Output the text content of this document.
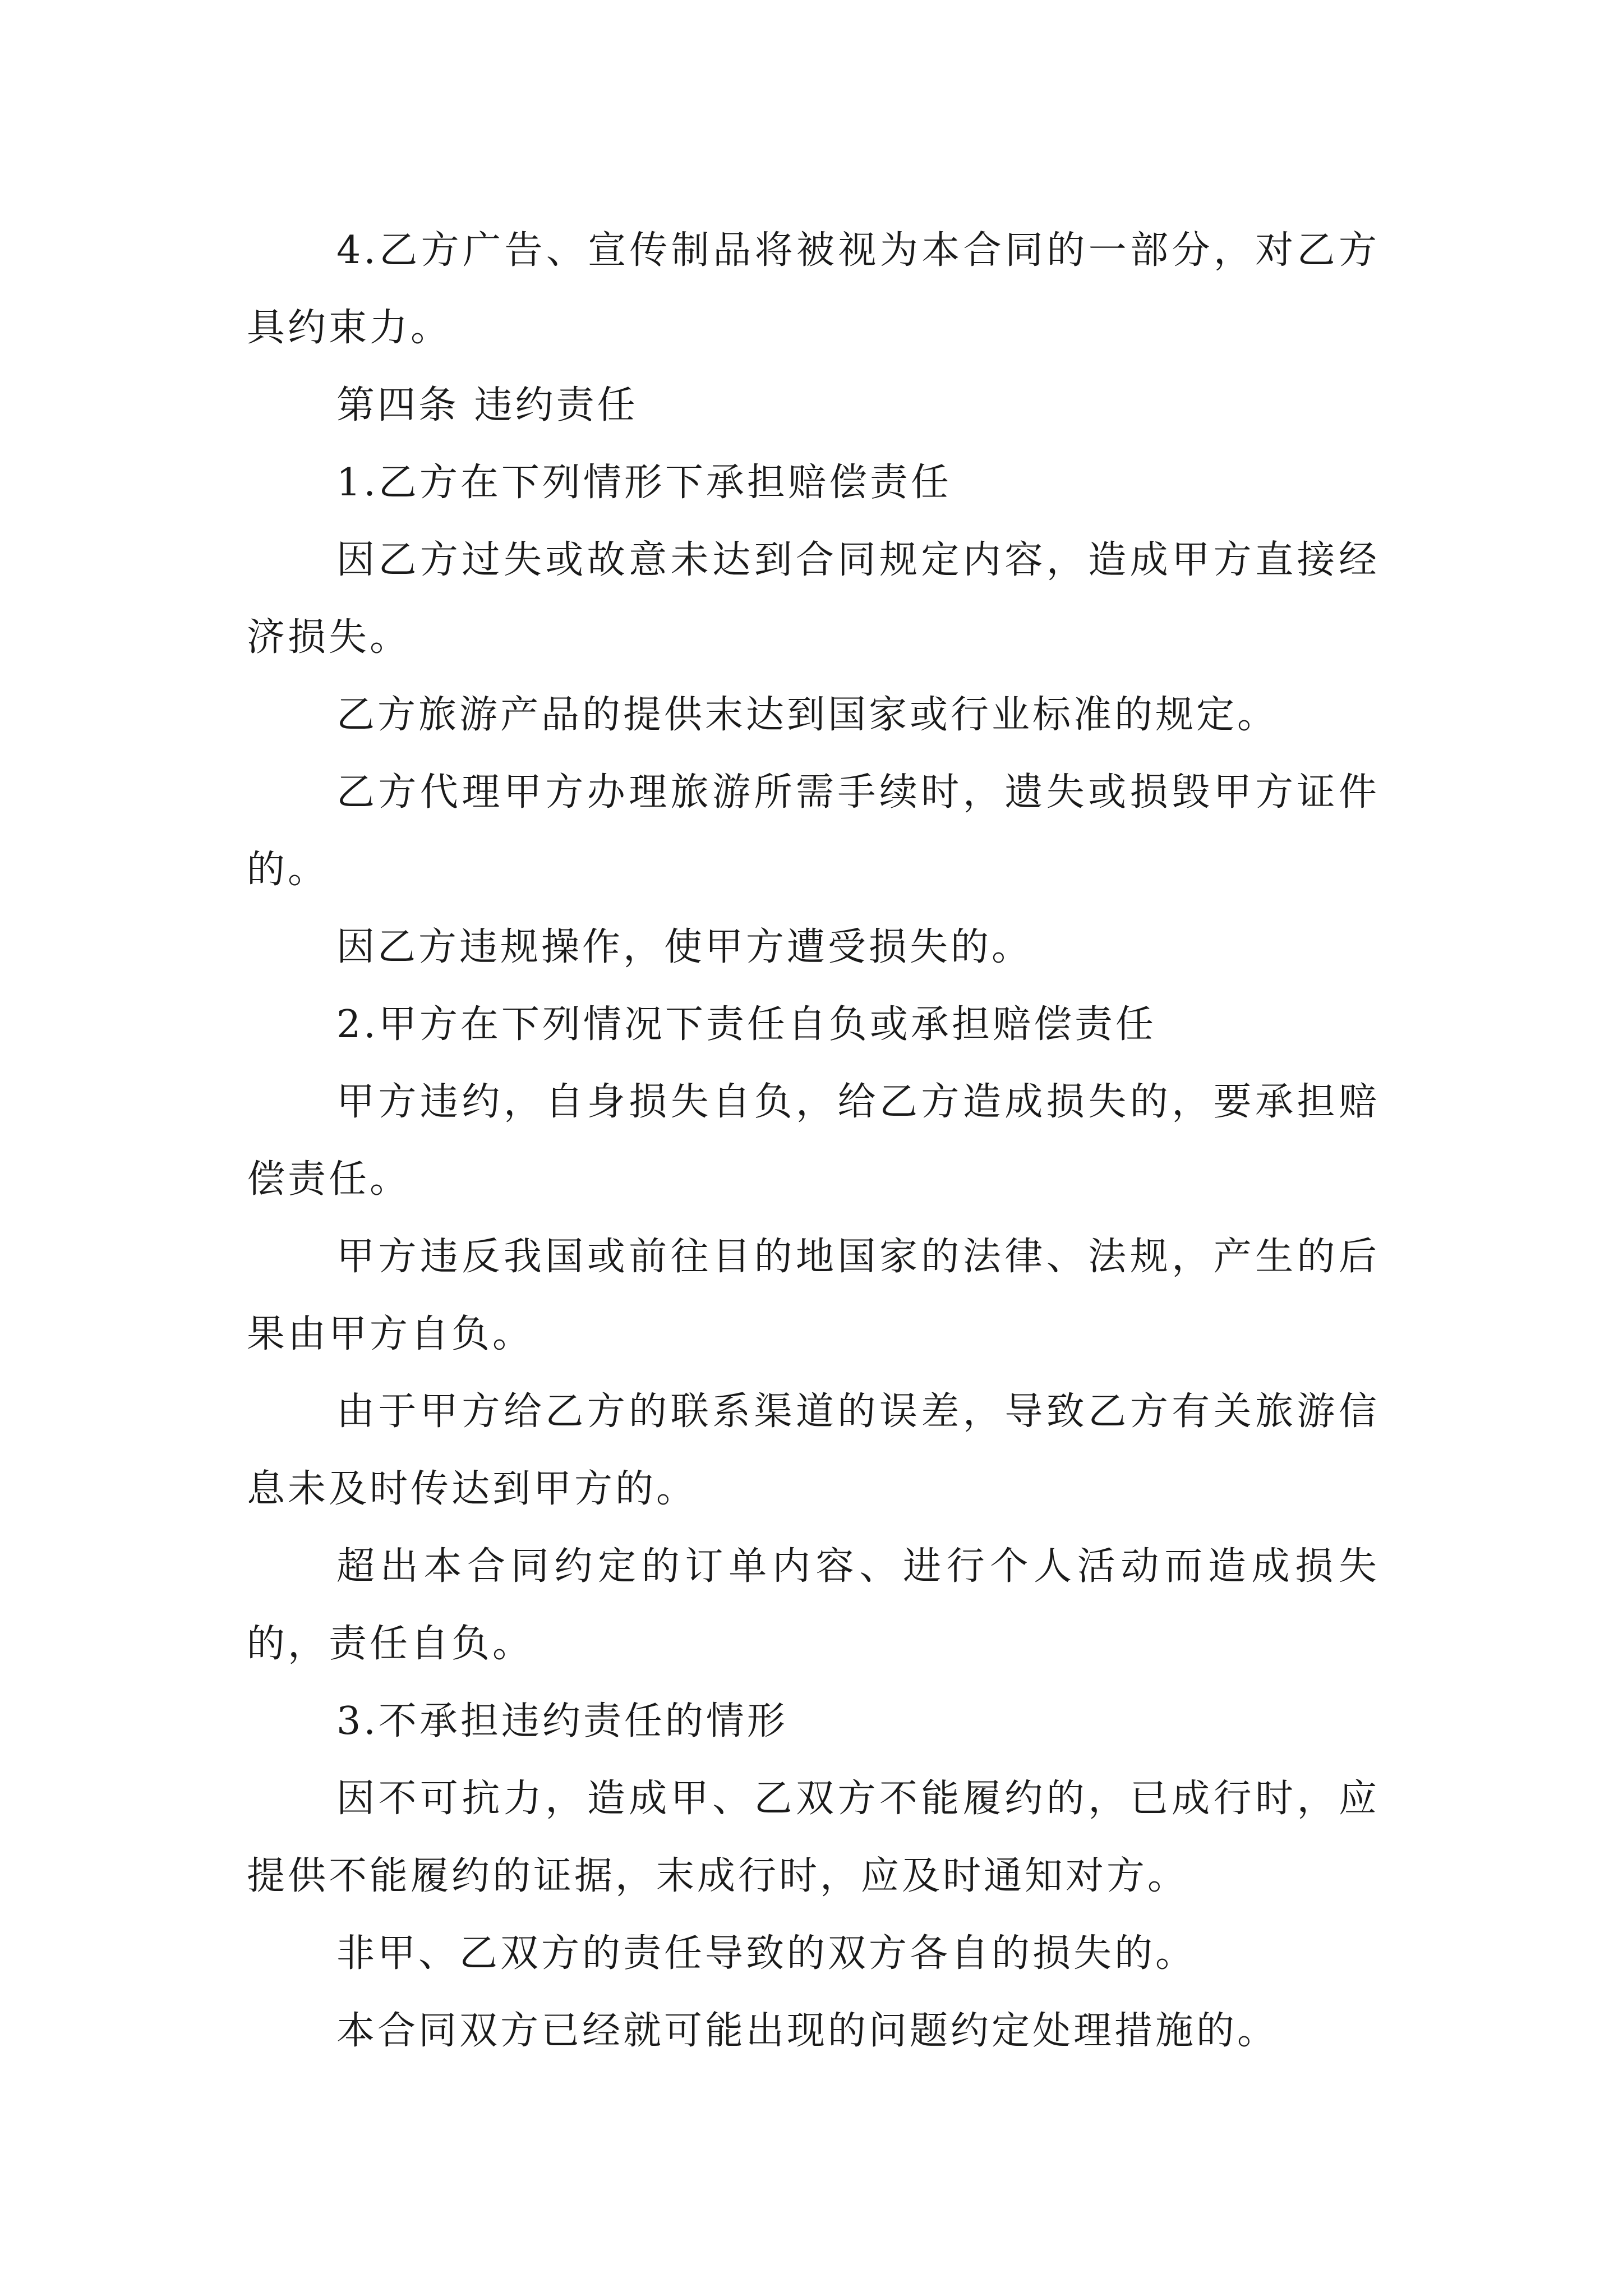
4.乙方广告、宣传制品将被视为本合同的一部分，对乙方具约束力。

第四条 违约责任

1.乙方在下列情形下承担赔偿责任

因乙方过失或故意未达到合同规定内容，造成甲方直接经济损失。

乙方旅游产品的提供末达到国家或行业标准的规定。

乙方代理甲方办理旅游所需手续时，遗失或损毁甲方证件的。

因乙方违规操作，使甲方遭受损失的。

2.甲方在下列情况下责任自负或承担赔偿责任

甲方违约，自身损失自负，给乙方造成损失的，要承担赔偿责任。

甲方违反我国或前往目的地国家的法律、法规，产生的后果由甲方自负。

由于甲方给乙方的联系渠道的误差，导致乙方有关旅游信息未及时传达到甲方的。

超出本合同约定的订单内容、进行个人活动而造成损失的，责任自负。

3.不承担违约责任的情形

因不可抗力，造成甲、乙双方不能履约的，已成行时，应提供不能履约的证据，末成行时，应及时通知对方。

非甲、乙双方的责任导致的双方各自的损失的。

本合同双方已经就可能出现的问题约定处理措施的。
